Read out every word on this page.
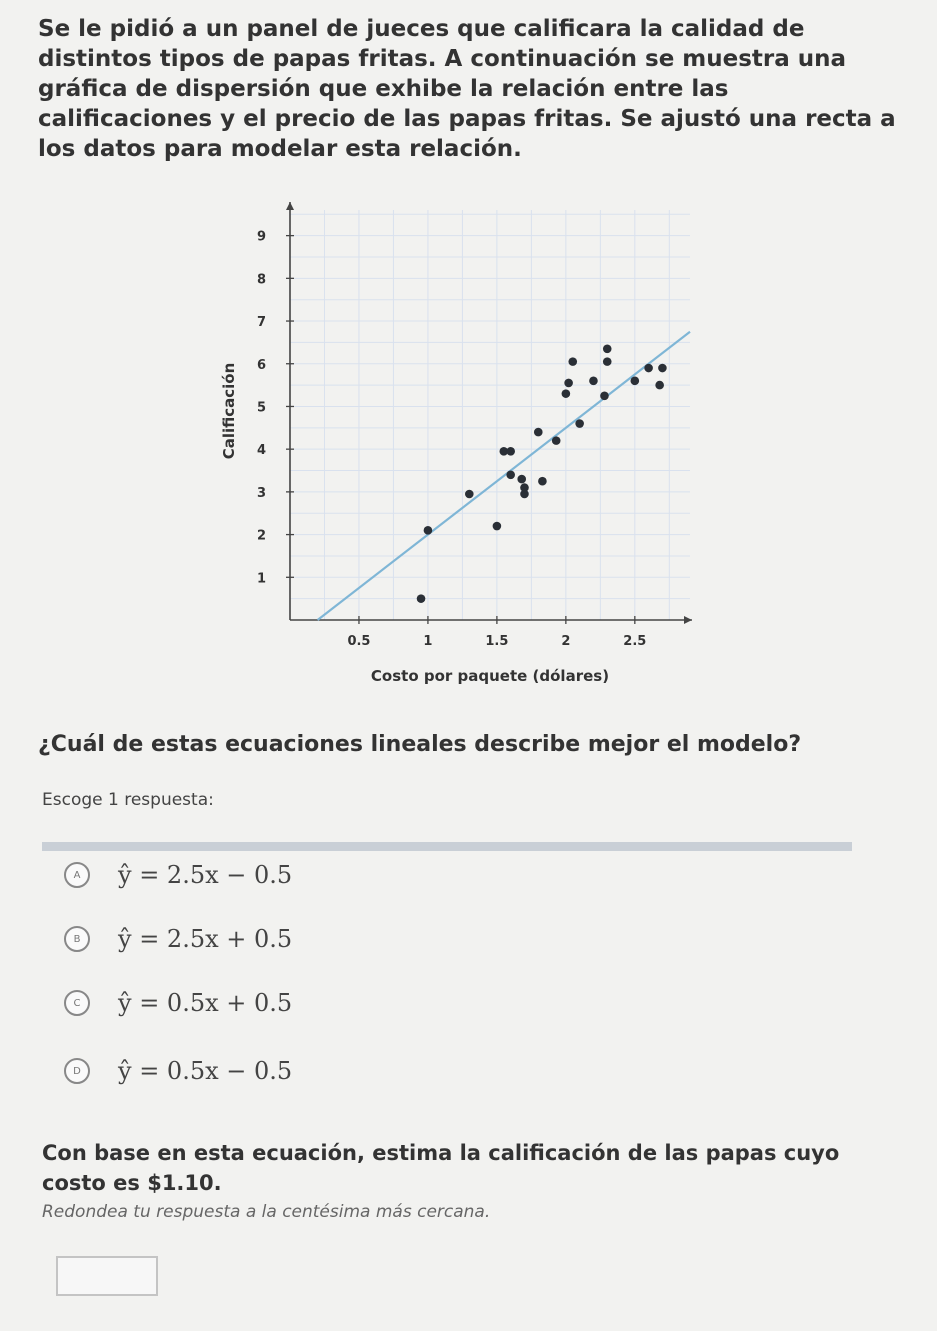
Se le pidió a un panel de jueces que calificara la calidad de distintos tipos de papas fritas. A continuación se muestra una gráfica de dispersión que exhibe la relación entre las calificaciones y el precio de las papas fritas. Se ajustó una recta a los datos para modelar esta relación.
0.5	1	1.5	2	2.5
1
2
3
4
5
6
7
8
9
Costo por paquete (dólares)
Calificación
¿Cuál de estas ecuaciones lineales describe mejor el modelo?
Escoge 1 respuesta:
A	ŷ = 2.5x − 0.5
B	ŷ = 2.5x + 0.5
C	ŷ = 0.5x + 0.5
D	ŷ = 0.5x − 0.5
Con base en esta ecuación, estima la calificación de las papas cuyo costo es $1.10.
Redondea tu respuesta a la centésima más cercana.
